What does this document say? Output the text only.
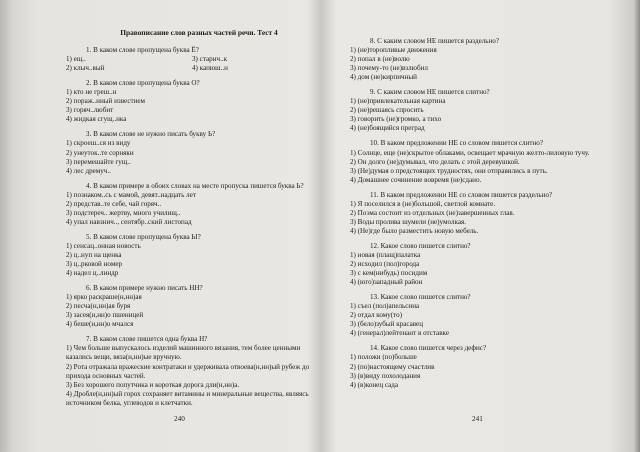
Правописание слов разных частей речи. Тест 4
1. В каком слове пропущена буква Ё?
1) ещ..	3) старич..к
2) клыч..вый	4) капюш..н
2. В каком слове пропущена буква О?
1) кто не греш..н
2) пораж..нный известием
3) горяч..любит
4) жидкая сгущ..нка
3. В каком слове не нужно писать букву Ь?
1) скроеш..ся из виду
2) унеуток..те сорняки
3) перемешайте гущ..
4) лес дремуч..
4. В каком примере в обоих словах на месте пропуска пишется буква Ь?
1) познаком..сь с мамой, девят..надцать лет
2) представ..те себе, чай горяч..
3) подстереч.. жертву, много училищ..
4) упал навзнич.., сентябр..ский листопад
5. В каком слове пропущена буква Ы?
1) сенсац..онная новость
2) ц..нуп на щенка
3) ц..рковой номер
4) надел ц..линдр
6. В каком примере нужно писать НН?
1) ярко раскраше(н,нн)ая
2) песча(н,нн)ая буря
3) засея(н,нн)о пшеницей
4) беше(н,нн)о мчался
7. В каком слове пишется одна буква Н?
1) Чем больше выпускалось изделий машинного вязания, тем более ценными казались вещи, вяза(н,нн)ые вручную.
2) Рота отражала вражеские контратаки и удерживала отвоева(н,нн)ый рубеж до прихода основных частей.
3) Без хорошего попутчика и короткая дорога дли(н,нн)а.
4) Дробле(н,нн)ый горох сохраняет витамины и минеральные вещества, являясь источником белка, углеводов и клетчатки.
240
8. С каким словом НЕ пишется раздельно?
1) (не)торопливые движения
2) попал в (не)волю
3) почему-то (не)взлюбил
4) дом (не)кирпичный
9. С каким словом НЕ пишется слитно?
1) (не)привлекательная картина
2) (не)решаясь спросить
3) говорить (не)громко, а тихо
4) (не)боящийся преград
10. В каком предложении НЕ со словом пишется слитно?
1) Солнце, еще (не)скрытое облаками, освещает мрачную желто-лиловую тучу.
2) Он долго (не)думывал, что делать с этой деревушкой.
3) (Не)думая о предстоящих трудностях, они отправились в путь.
4) Домашнее сочинение вовремя (не)сдано.
11. В каком предложении НЕ со словом пишется раздельно?
1) Я поселился в (не)большой, светлой комнате.
2) Поэма состоит из отдельных (не)завершенных глав.
3) Воды пролива шумели (не)умолкая.
4) (Не)где было разместить новую мебель.
12. Какое слово пишется слитно?
1) новая (плащ)палатка
2) исходил (пол)города
3) с кем(нибудь) посидим
4) (юго)западный район
13. Какое слово пишется слитно?
1) съел (пол)апельсина
2) отдал кому(то)
3) (бело)зубый красавец
4) (генерал)лейтенант в отставке
14. Какое слово пишется через дефис?
1) положи (по)больше
2) (по)настоящему счастлив
3) (в)виду похолодания
4) (в)конец сада
241
